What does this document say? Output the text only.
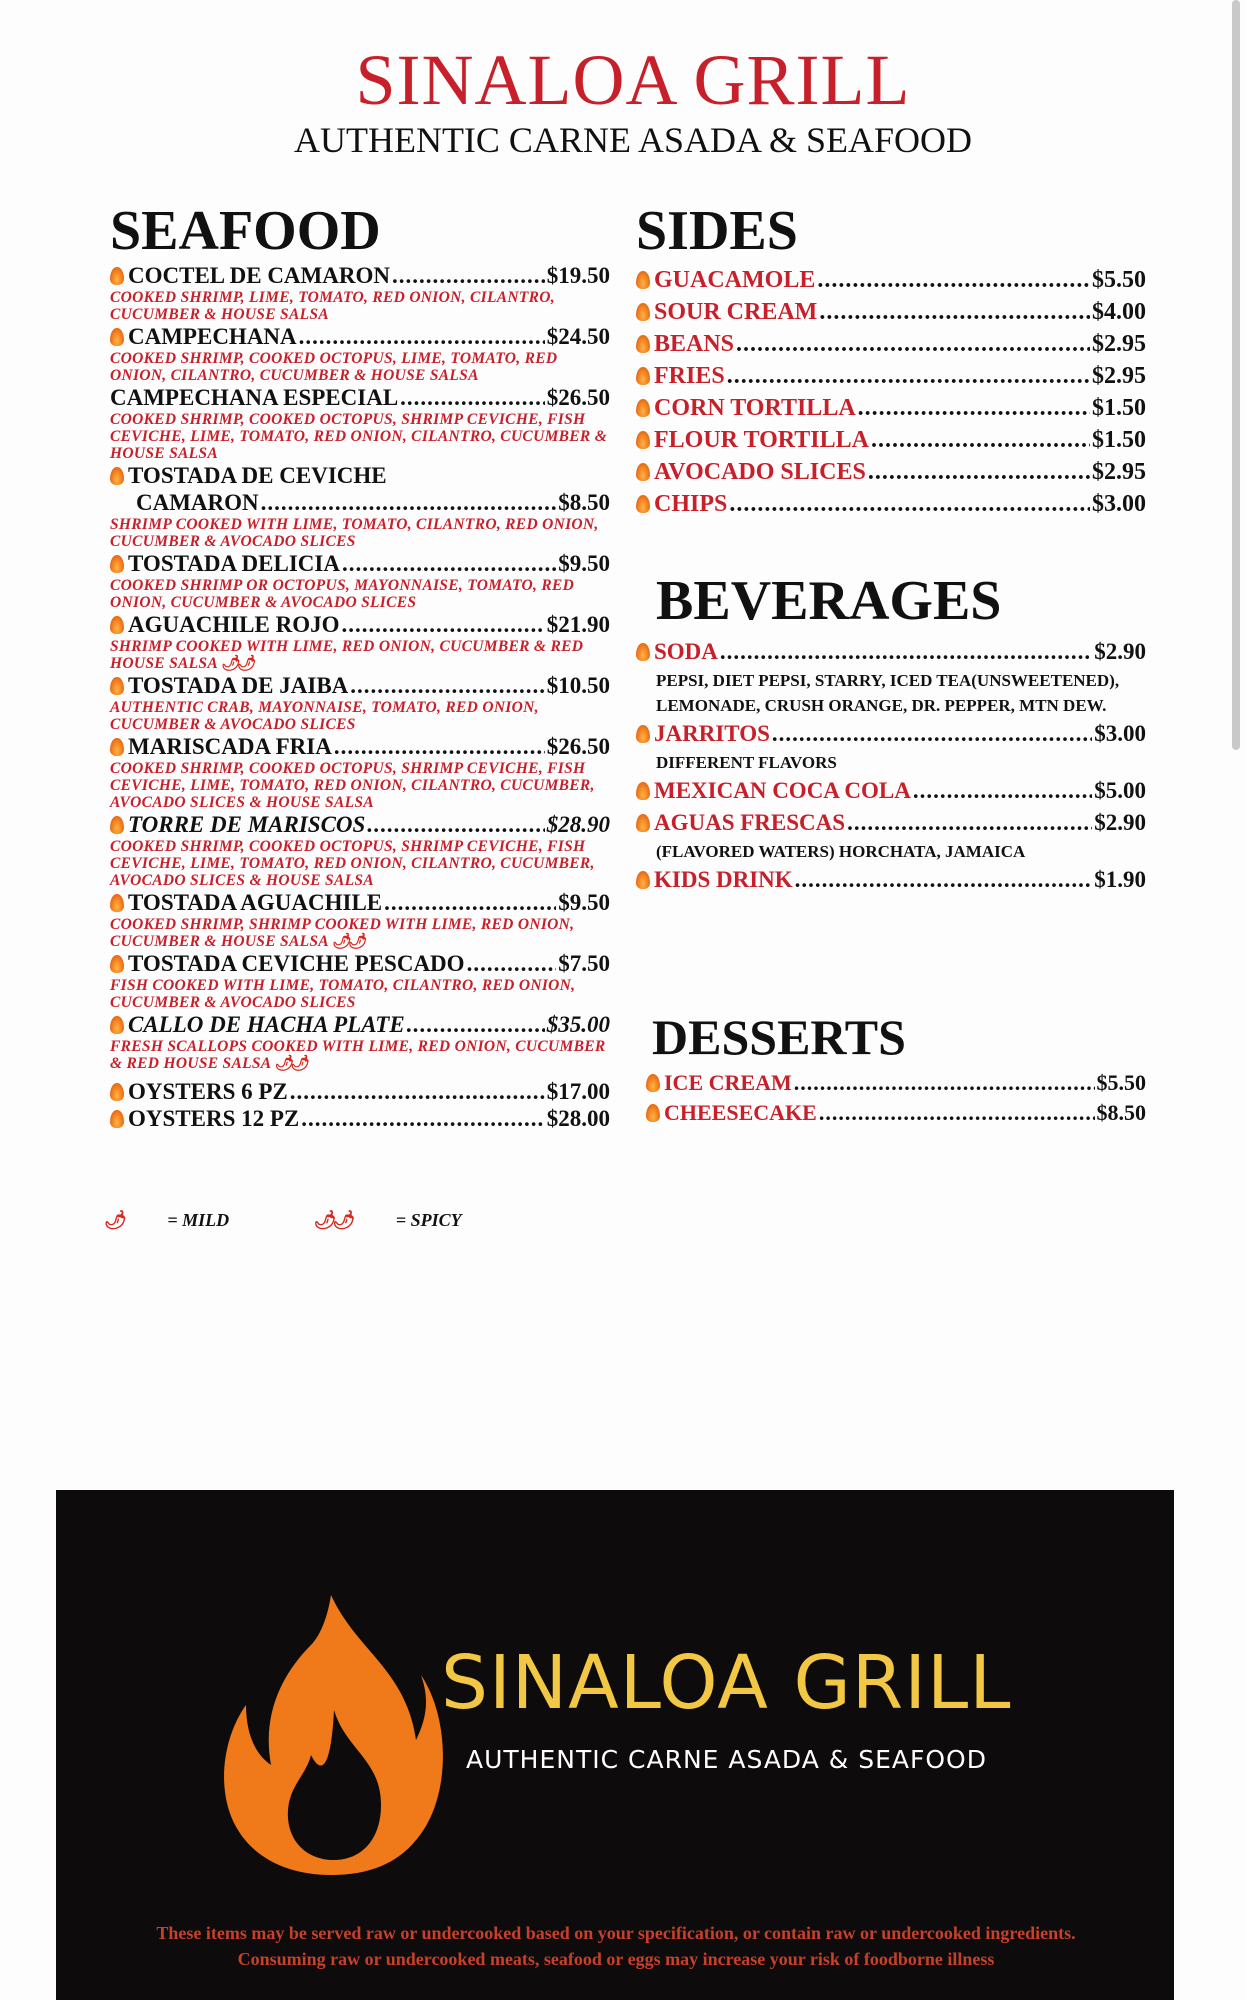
SINALOA GRILL
AUTHENTIC CARNE ASADA & SEAFOOD
SEAFOOD
COCTEL DE CAMARON .....	$19.50
COOKED SHRIMP, LIME, TOMATO, RED ONION, CILANTRO, CUCUMBER & HOUSE SALSA
CAMPECHANA .....	$24.50
COOKED SHRIMP, COOKED OCTOPUS, LIME, TOMATO, RED ONION, CILANTRO, CUCUMBER & HOUSE SALSA
CAMPECHANA ESPECIAL .....	$26.50
COOKED SHRIMP, COOKED OCTOPUS, SHRIMP CEVICHE, FISH CEVICHE, LIME, TOMATO, RED ONION, CILANTRO, CUCUMBER & HOUSE SALSA
TOSTADA DE CEVICHE
CAMARON .....	$8.50
SHRIMP COOKED WITH LIME, TOMATO, CILANTRO, RED ONION, CUCUMBER & AVOCADO SLICES
TOSTADA DELICIA .....	$9.50
COOKED SHRIMP OR OCTOPUS, MAYONNAISE, TOMATO, RED ONION, CUCUMBER & AVOCADO SLICES
AGUACHILE ROJO .....	$21.90
SHRIMP COOKED WITH LIME, RED ONION, CUCUMBER & RED HOUSE SALSA 🌶🌶
TOSTADA DE JAIBA .....	$10.50
AUTHENTIC CRAB, MAYONNAISE, TOMATO, RED ONION, CUCUMBER & AVOCADO SLICES
MARISCADA FRIA .....	$26.50
COOKED SHRIMP, COOKED OCTOPUS, SHRIMP CEVICHE, FISH CEVICHE, LIME, TOMATO, RED ONION, CILANTRO, CUCUMBER, AVOCADO SLICES & HOUSE SALSA
TORRE DE MARISCOS .....	$28.90
COOKED SHRIMP, COOKED OCTOPUS, SHRIMP CEVICHE, FISH CEVICHE, LIME, TOMATO, RED ONION, CILANTRO, CUCUMBER, AVOCADO SLICES & HOUSE SALSA
TOSTADA AGUACHILE .....	$9.50
COOKED SHRIMP, SHRIMP COOKED WITH LIME, RED ONION, CUCUMBER & HOUSE SALSA 🌶🌶
TOSTADA CEVICHE PESCADO .....	$7.50
FISH COOKED WITH LIME, TOMATO, CILANTRO, RED ONION, CUCUMBER & AVOCADO SLICES
CALLO DE HACHA PLATE .....	$35.00
FRESH SCALLOPS COOKED WITH LIME, RED ONION, CUCUMBER & RED HOUSE SALSA 🌶🌶
OYSTERS 6 PZ .....	$17.00
OYSTERS 12 PZ .....	$28.00
SIDES
GUACAMOLE .....	$5.50
SOUR CREAM .....	$4.00
BEANS .....	$2.95
FRIES .....	$2.95
CORN TORTILLA .....	$1.50
FLOUR TORTILLA .....	$1.50
AVOCADO SLICES .....	$2.95
CHIPS .....	$3.00
BEVERAGES
SODA .....	$2.90
PEPSI, DIET PEPSI, STARRY, ICED TEA(UNSWEETENED), LEMONADE, CRUSH ORANGE, DR. PEPPER, MTN DEW.
JARRITOS .....	$3.00
DIFFERENT FLAVORS
MEXICAN COCA COLA .....	$5.00
AGUAS FRESCAS .....	$2.90
(FLAVORED WATERS) HORCHATA, JAMAICA
KIDS DRINK .....	$1.90
DESSERTS
ICE CREAM .....	$5.50
CHEESECAKE .....	$8.50
🌶 = MILD	🌶🌶 = SPICY
SINALOA GRILL
AUTHENTIC CARNE ASADA & SEAFOOD
These items may be served raw or undercooked based on your specification, or contain raw or undercooked ingredients. Consuming raw or undercooked meats, seafood or eggs may increase your risk of foodborne illness
